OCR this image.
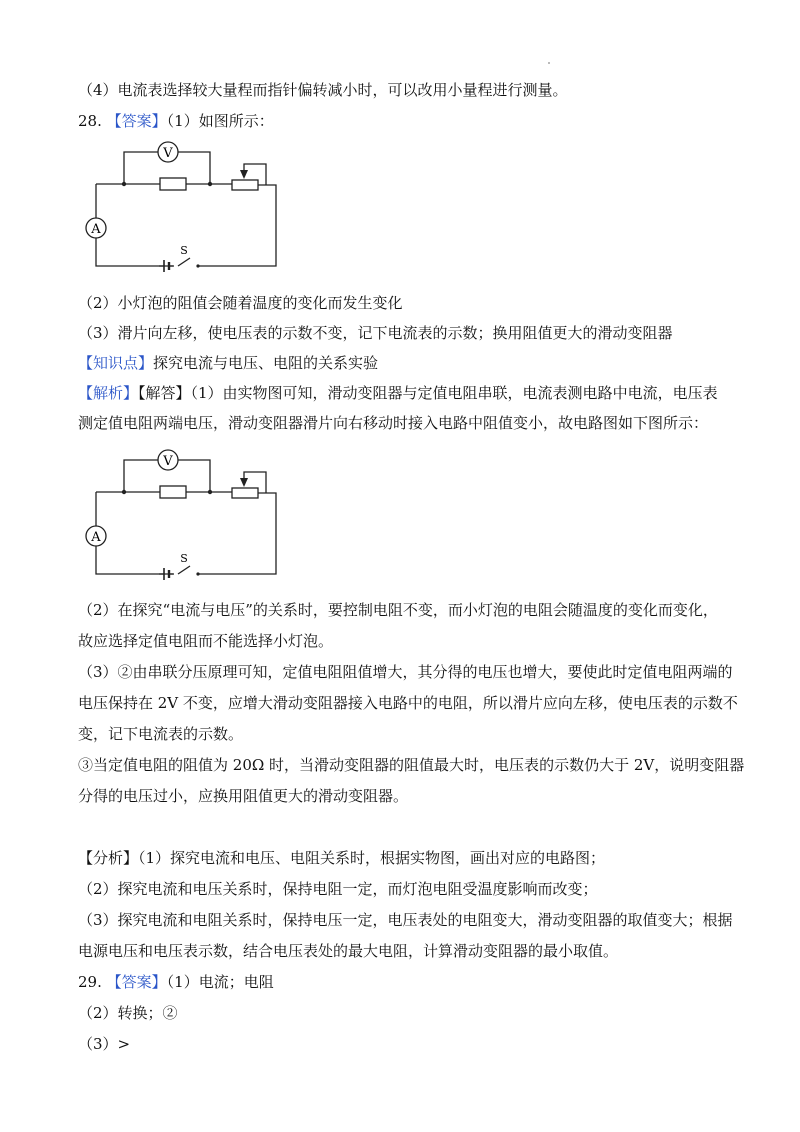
（4）电流表选择较大量程而指针偏转减小时，可以改用小量程进行测量。
28. 【答案】（1）如图所示：
V
A
S
（2）小灯泡的阻值会随着温度的变化而发生变化
（3）滑片向左移，使电压表的示数不变，记下电流表的示数；换用阻值更大的滑动变阻器
【知识点】探究电流与电压、电阻的关系实验
【解析】【解答】（1）由实物图可知，滑动变阻器与定值电阻串联，电流表测电路中电流，电压表
测定值电阻两端电压，滑动变阻器滑片向右移动时接入电路中阻值变小，故电路图如下图所示：
V
A
S
（2）在探究“电流与电压”的关系时，要控制电阻不变，而小灯泡的电阻会随温度的变化而变化，
故应选择定值电阻而不能选择小灯泡。
（3）②由串联分压原理可知，定值电阻阻值增大，其分得的电压也增大，要使此时定值电阻两端的
电压保持在 2V 不变，应增大滑动变阻器接入电路中的电阻，所以滑片应向左移，使电压表的示数不
变，记下电流表的示数。
③当定值电阻的阻值为 20Ω 时，当滑动变阻器的阻值最大时，电压表的示数仍大于 2V，说明变阻器
分得的电压过小，应换用阻值更大的滑动变阻器。
【分析】（1）探究电流和电压、电阻关系时，根据实物图，画出对应的电路图；
（2）探究电流和电压关系时，保持电阻一定，而灯泡电阻受温度影响而改变；
（3）探究电流和电阻关系时，保持电压一定，电压表处的电阻变大，滑动变阻器的取值变大；根据
电源电压和电压表示数，结合电压表处的最大电阻，计算滑动变阻器的最小取值。
29. 【答案】（1）电流；电阻
（2）转换；②
（3）>
